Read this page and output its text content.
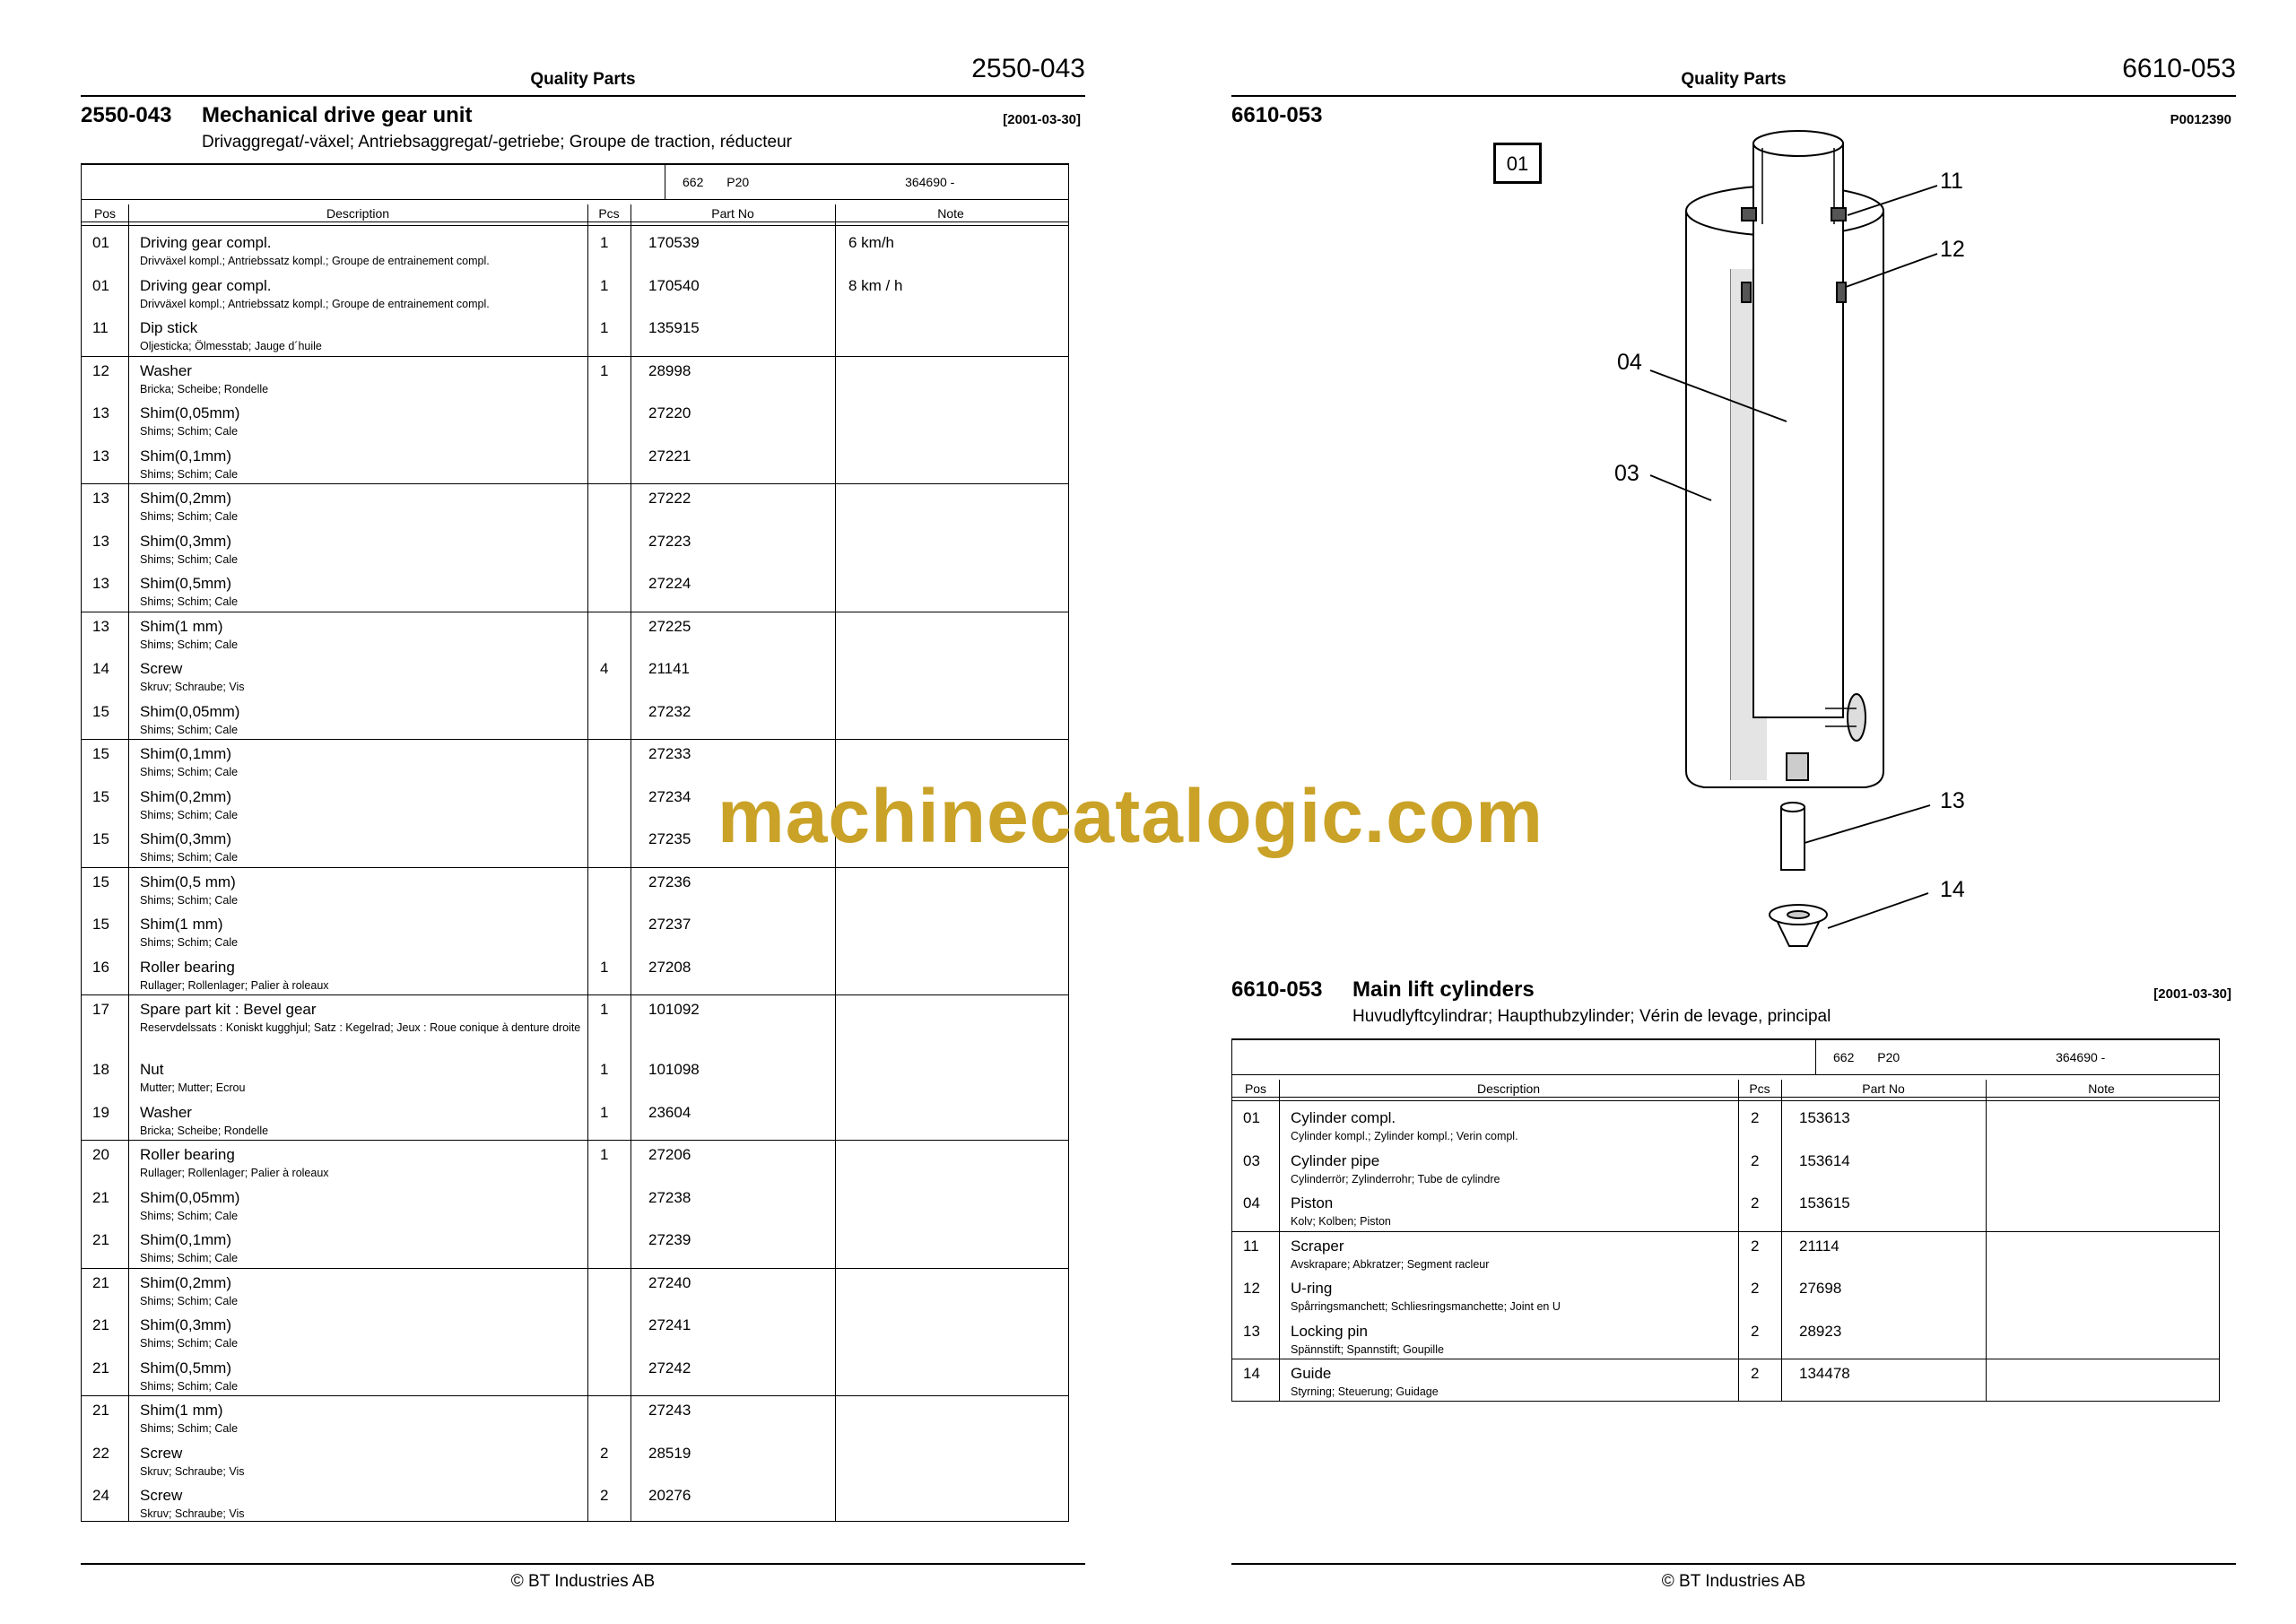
Quality Parts	2550-043
2550-043 Mechanical drive gear unit	[2001-03-30]
Drivaggregat/-växel; Antriebsaggregat/-getriebe; Groupe de traction, réducteur
662 P20	364690 -
Pos	Description	Pcs	Part No	Note
01 Driving gear compl.
Drivväxel kompl.; Antriebssatz kompl.; Groupe de entrainement compl.
1	170539	6 km/h
01 Driving gear compl.
Drivväxel kompl.; Antriebssatz kompl.; Groupe de entrainement compl.
1	170540	8 km / h
11 Dip stick
Oljesticka; Ölmesstab; Jauge d´huile
1	135915
12 Washer
Bricka; Scheibe; Rondelle
1	28998
13 Shim(0,05mm)
Shims; Schim; Cale
27220
13 Shim(0,1mm)
Shims; Schim; Cale
27221
13 Shim(0,2mm)
Shims; Schim; Cale
27222
13 Shim(0,3mm)
Shims; Schim; Cale
27223
13 Shim(0,5mm)
Shims; Schim; Cale
27224
13 Shim(1 mm)
Shims; Schim; Cale
27225
14 Screw
Skruv; Schraube; Vis
4	21141
15 Shim(0,05mm)
Shims; Schim; Cale
27232
15 Shim(0,1mm)
Shims; Schim; Cale
27233
15 Shim(0,2mm)
Shims; Schim; Cale
27234
15 Shim(0,3mm)
Shims; Schim; Cale
27235
15 Shim(0,5 mm)
Shims; Schim; Cale
27236
15 Shim(1 mm)
Shims; Schim; Cale
27237
16 Roller bearing
Rullager; Rollenlager; Palier à roleaux
1	27208
17 Spare part kit : Bevel gear
Reservdelssats : Koniskt kugghjul; Satz : Kegelrad; Jeux : Roue conique à denture droite
1	101092
18 Nut
Mutter; Mutter; Ecrou
1	101098
19 Washer
Bricka; Scheibe; Rondelle
1	23604
20 Roller bearing
Rullager; Rollenlager; Palier à roleaux
1	27206
21 Shim(0,05mm)
Shims; Schim; Cale
27238
21 Shim(0,1mm)
Shims; Schim; Cale
27239
21 Shim(0,2mm)
Shims; Schim; Cale
27240
21 Shim(0,3mm)
Shims; Schim; Cale
27241
21 Shim(0,5mm)
Shims; Schim; Cale
27242
21 Shim(1 mm)
Shims; Schim; Cale
27243
22 Screw
Skruv; Schraube; Vis
2	28519
24 Screw
Skruv; Schraube; Vis
2	20276
© BT Industries AB
Quality Parts	6610-053
6610-053	P0012390
6610-053 Main lift cylinders	[2001-03-30]
Huvudlyftcylindrar; Haupthubzylinder; Vérin de levage, principal
662 P20	364690 -
Pos	Description	Pcs	Part No	Note
01 Cylinder compl.
Cylinder kompl.; Zylinder kompl.; Verin compl.
2	153613
03 Cylinder pipe
Cylinderrör; Zylinderrohr; Tube de cylindre
2	153614
04 Piston
Kolv; Kolben; Piston
2	153615
11 Scraper
Avskrapare; Abkratzer; Segment racleur
2	21114
12 U-ring
Spårringsmanchett; Schliesringsmanchette; Joint en U
2	27698
13 Locking pin
Spännstift; Spannstift; Goupille
2	28923
14 Guide
Styrning; Steuerung; Guidage
2	134478
© BT Industries AB
01
11
12
04
03
13
14
machinecatalogic.com
